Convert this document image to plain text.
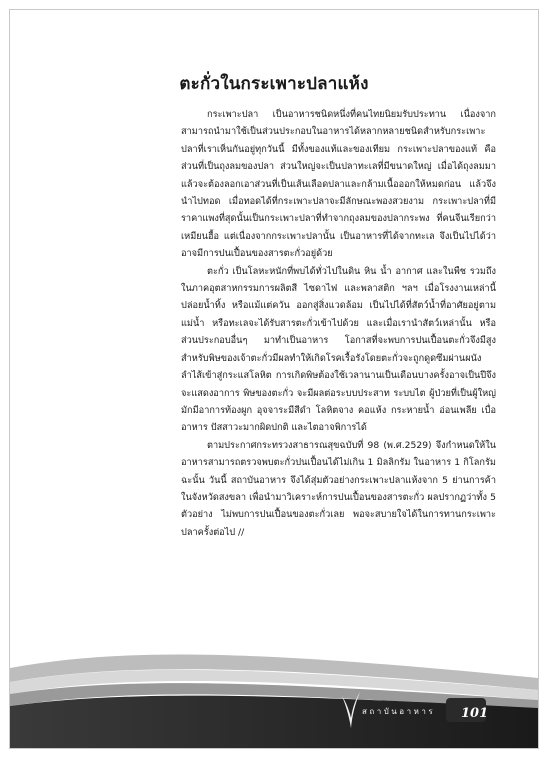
ตะกั่วในกระเพาะปลาแห้ง

กระเพาะปลา เป็นอาหารชนิดหนึ่งที่คนไทยนิยมรับประทาน เนื่องจากสามารถนำมาใช้เป็นส่วนประกอบในอาหารได้หลากหลายชนิดสำหรับกระเพาะปลาที่เราเห็นกันอยู่ทุกวันนี้ มีทั้งของแท้และของเทียม กระเพาะปลาของแท้ คือส่วนที่เป็นถุงลมของปลา ส่วนใหญ่จะเป็นปลาทะเลที่มีขนาดใหญ่ เมื่อได้ถุงลมมาแล้วจะต้องลอกเอาส่วนที่เป็นเส้นเลือดปลาและกล้ามเนื้อออกให้หมดก่อน แล้วจึงนำไปทอด เมื่อทอดได้ที่กระเพาะปลาจะมีลักษณะพองสวยงาม กระเพาะปลาที่มีราคาแพงที่สุดนั้นเป็นกระเพาะปลาที่ทำจากถุงลมของปลากระพง ที่คนจีนเรียกว่า เหมียนฮื้อ แต่เนื่องจากกระเพาะปลานั้น เป็นอาหารที่ได้จากทะเล จึงเป็นไปได้ว่าอาจมีการปนเปื้อนของสารตะกั่วอยู่ด้วย

ตะกั่ว เป็นโลหะหนักที่พบได้ทั่วไปในดิน หิน น้ำ อากาศ และในพืช รวมถึงในภาคอุตสาหกรรมการผลิตสี ไซดาไฟ และพลาสติก ฯลฯ เมื่อโรงงานเหล่านี้ปล่อยน้ำทิ้ง หรือแม้แต่ควัน ออกสู่สิ่งแวดล้อม เป็นไปได้ที่สัตว์น้ำที่อาศัยอยู่ตามแม่น้ำ หรือทะเลจะได้รับสารตะกั่วเข้าไปด้วย และเมื่อเรานำสัตว์เหล่านั้น หรือส่วนประกอบอื่นๆ มาทำเป็นอาหาร โอกาสที่จะพบการปนเปื้อนตะกั่วจึงมีสูง สำหรับพิษของเจ้าตะกั่วมีผลทำให้เกิดโรคเรื้อรังโดยตะกั่วจะถูกดูดซึมผ่านผนังลำไส้เข้าสู่กระแสโลหิต การเกิดพิษต้องใช้เวลานานเป็นเดือนบางครั้งอาจเป็นปีจึงจะแสดงอาการ พิษของตะกั่ว จะมีผลต่อระบบประสาท ระบบไต ผู้ป่วยที่เป็นผู้ใหญ่มักมีอาการท้องผูก อุจจาระมีสีดำ โลหิตจาง คอแห้ง กระหายน้ำ อ่อนเพลีย เบื่ออาหาร ปัสสาวะมากผิดปกติ และไตอาจพิการได้

ตามประกาศกระทรวงสาธารณสุขฉบับที่ 98 (พ.ศ.2529) จึงกำหนดให้ในอาหารสามารถตรวจพบตะกั่วปนเปื้อนได้ไม่เกิน 1 มิลลิกรัม ในอาหาร 1 กิโลกรัม ฉะนั้น วันนี้ สถาบันอาหาร จึงได้สุ่มตัวอย่างกระเพาะปลาแห้งจาก 5 ย่านการค้า ในจังหวัดสงขลา เพื่อนำมาวิเคราะห์การปนเปื้อนของสารตะกั่ว ผลปรากฏว่าทั้ง 5 ตัวอย่าง ไม่พบการปนเปื้อนของตะกั่วเลย พอจะสบายใจได้ในการทานกระเพาะปลาครั้งต่อไป //

สถาบันอาหาร 101
